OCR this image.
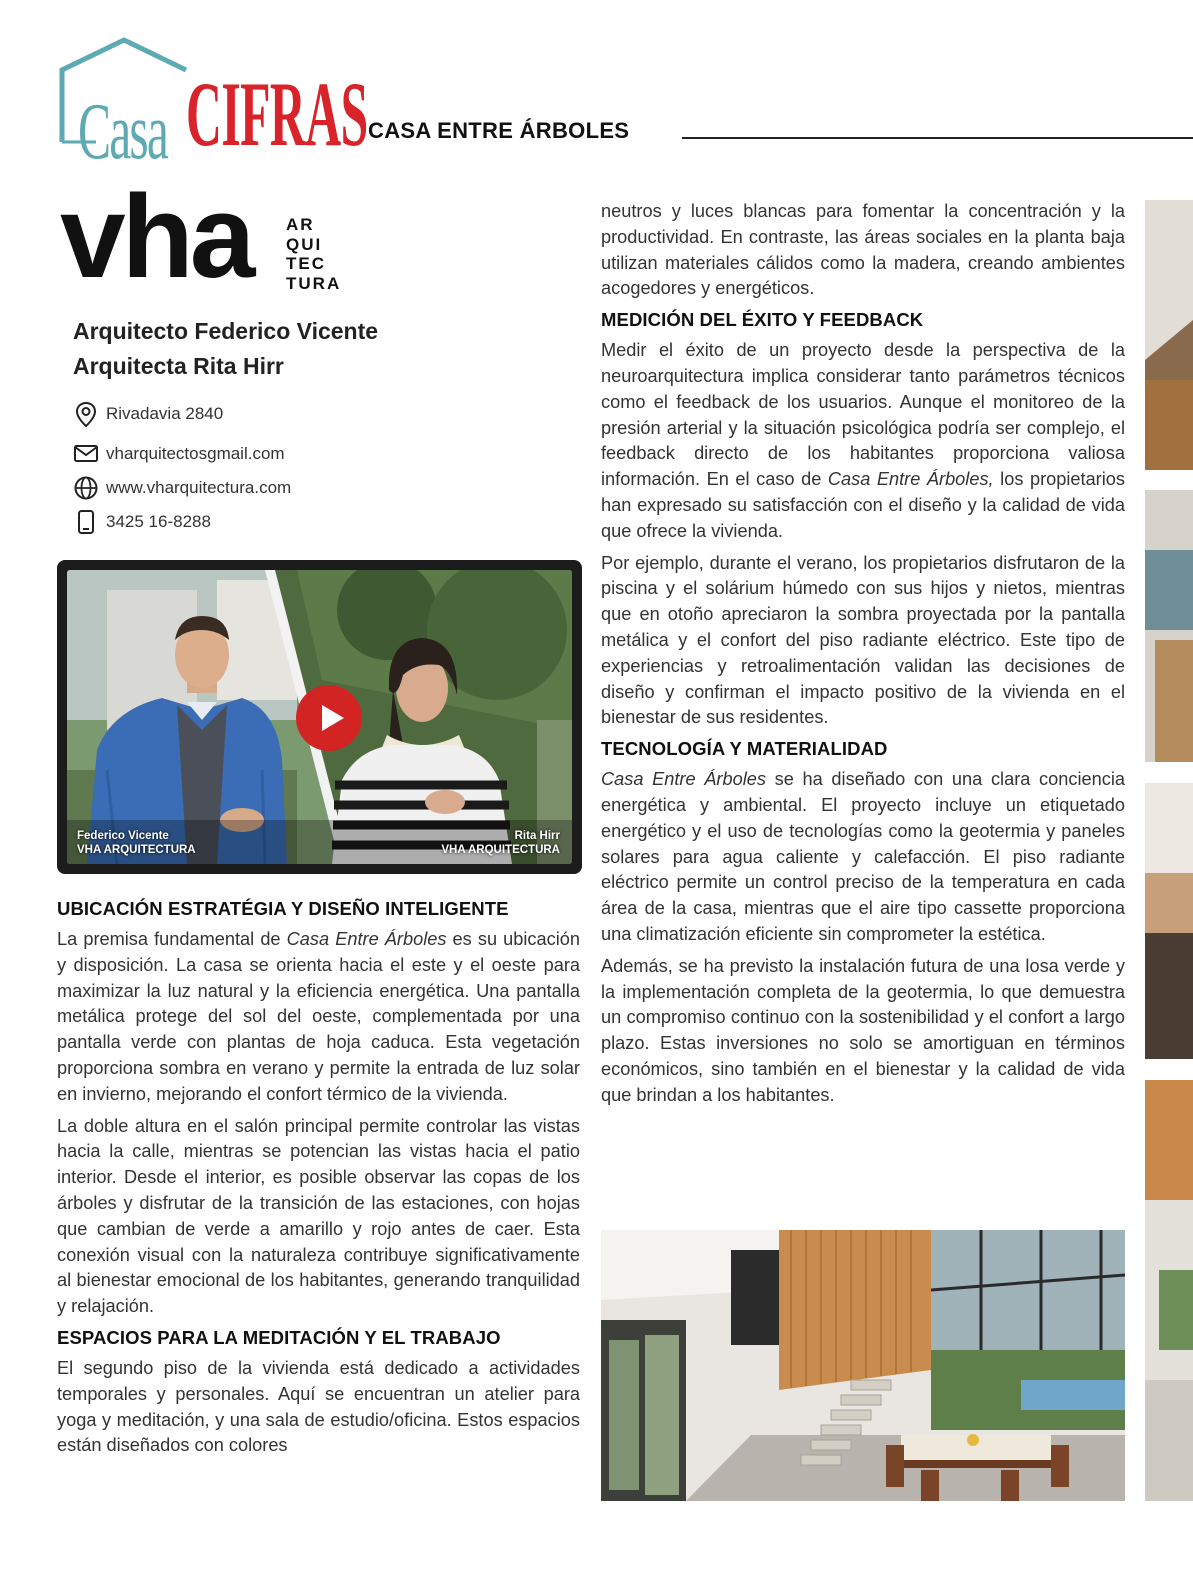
Casa CIFRAS CASA ENTRE ÁRBOLES
vha AR
QUI
TEC
TURA
Arquitecto Federico Vicente
Arquitecta Rita Hirr
Rivadavia 2840
vharquitectosgmail.com
www.vharquitectura.com
3425 16-8288
Federico Vicente
VHA ARQUITECTURA
Rita Hirr
VHA ARQUITECTURA
UBICACIÓN ESTRATÉGIA Y DISEÑO INTELIGENTE

La premisa fundamental de Casa Entre Árboles es su ubicación y disposición. La casa se orienta hacia el este y el oeste para maximizar la luz natural y la eficiencia energética. Una pantalla metálica protege del sol del oeste, complementada por una pantalla verde con plantas de hoja caduca. Esta vegetación proporciona sombra en verano y permite la entrada de luz solar en invierno, mejorando el confort térmico de la vivienda.

La doble altura en el salón principal permite controlar las vistas hacia la calle, mientras se potencian las vistas hacia el patio interior. Desde el interior, es posible observar las copas de los árboles y disfrutar de la transición de las estaciones, con hojas que cambian de verde a amarillo y rojo antes de caer. Esta conexión visual con la naturaleza contribuye significativamente al bienestar emocional de los habitantes, generando tranquilidad y relajación.

ESPACIOS PARA LA MEDITACIÓN Y EL TRABAJO

El segundo piso de la vivienda está dedicado a actividades temporales y personales. Aquí se encuentran un atelier para yoga y meditación, y una sala de estudio/oficina. Estos espacios están diseñados con colores

neutros y luces blancas para fomentar la concentración y la productividad. En contraste, las áreas sociales en la planta baja utilizan materiales cálidos como la madera, creando ambientes acogedores y energéticos.

MEDICIÓN DEL ÉXITO Y FEEDBACK

Medir el éxito de un proyecto desde la perspectiva de la neuroarquitectura implica considerar tanto parámetros técnicos como el feedback de los usuarios. Aunque el monitoreo de la presión arterial y la situación psicológica podría ser complejo, el feedback directo de los habitantes proporciona valiosa información. En el caso de Casa Entre Árboles, los propietarios han expresado su satisfacción con el diseño y la calidad de vida que ofrece la vivienda.

Por ejemplo, durante el verano, los propietarios disfrutaron de la piscina y el solárium húmedo con sus hijos y nietos, mientras que en otoño apreciaron la sombra proyectada por la pantalla metálica y el confort del piso radiante eléctrico. Este tipo de experiencias y retroalimentación validan las decisiones de diseño y confirman el impacto positivo de la vivienda en el bienestar de sus residentes.

TECNOLOGÍA Y MATERIALIDAD

Casa Entre Árboles se ha diseñado con una clara conciencia energética y ambiental. El proyecto incluye un etiquetado energético y el uso de tecnologías como la geotermia y paneles solares para agua caliente y calefacción. El piso radiante eléctrico permite un control preciso de la temperatura en cada área de la casa, mientras que el aire tipo cassette proporciona una climatización eficiente sin comprometer la estética.

Además, se ha previsto la instalación futura de una losa verde y la implementación completa de la geotermia, lo que demuestra un compromiso continuo con la sostenibilidad y el confort a largo plazo. Estas inversiones no solo se amortiguan en términos económicos, sino también en el bienestar y la calidad de vida que brindan a los habitantes.
